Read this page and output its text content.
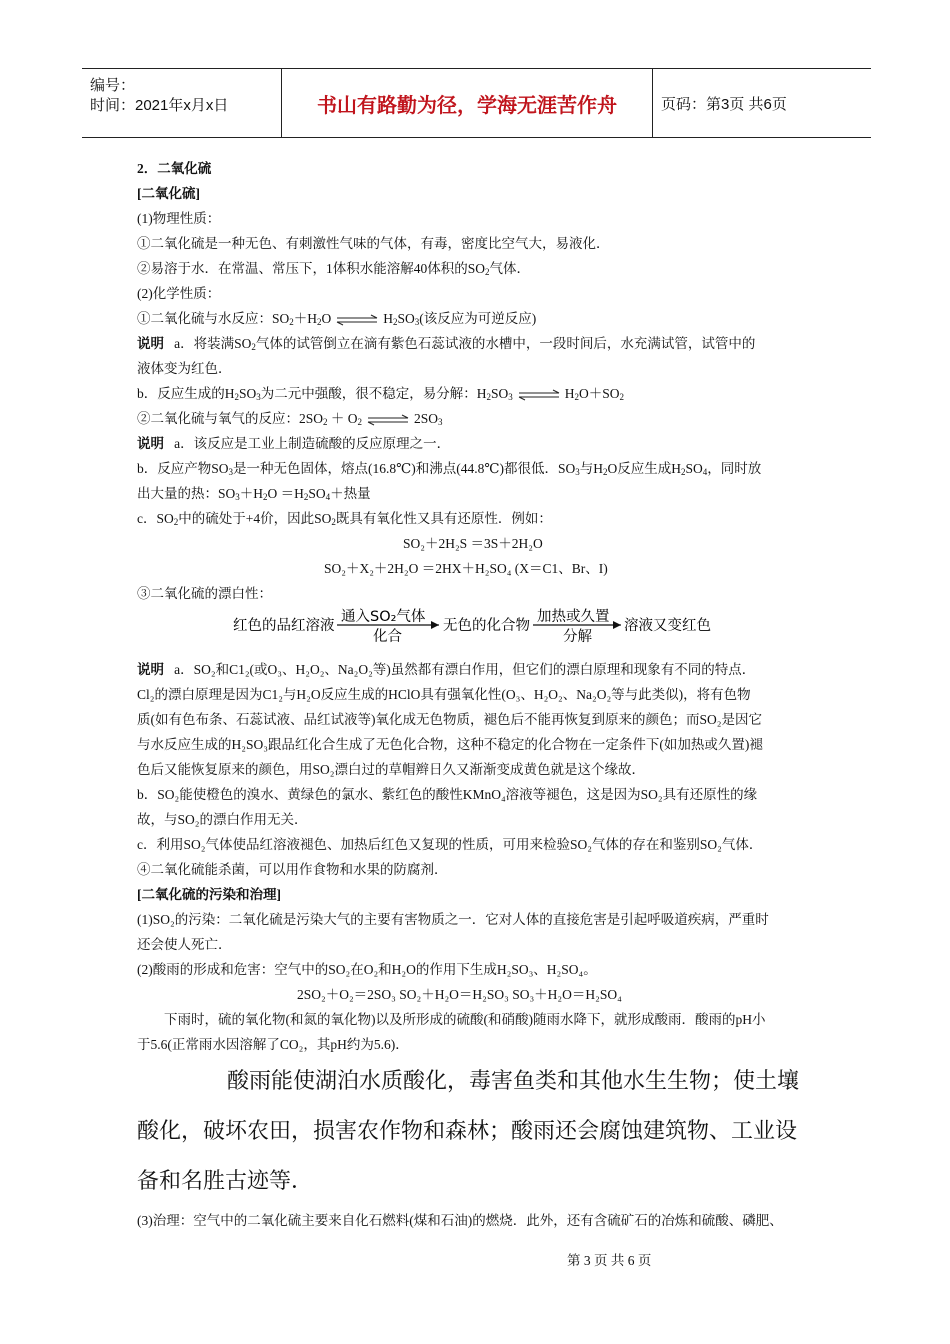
编号：
时间：2021年x月x日	书山有路勤为径，学海无涯苦作舟	页码：第3页 共6页
2．二氧化硫
[二氧化硫]
(1)物理性质：
①二氧化硫是一种无色、有刺激性气味的气体，有毒，密度比空气大，易液化．
②易溶于水．在常温、常压下，1体积水能溶解40体积的$SO_2$气体．
(2)化学性质：
①二氧化硫与水反应：$SO_2+H_2O$ ⇌ $H_2SO_3$(该反应为可逆反应)
说明 a．将装满$SO_2$气体的试管倒立在滴有紫色石蕊试液的水槽中，一段时间后，水充满试管，试管中的
液体变为红色．
b．反应生成的$H_2SO_3$为二元中强酸，很不稳定，易分解：$H_2SO_3$ ⇌ $H_2O+SO_2$
②二氧化硫与氧气的反应：$2SO_2 + O_2$ ⇌ $2SO_3$
说明 a．该反应是工业上制造硫酸的反应原理之一．
b．反应产物$SO_3$是一种无色固体，熔点(16.8℃)和沸点(44.8℃)都很低．$SO_3$与$H_2O$反应生成$H_2SO_4$，同时放
出大量的热：$SO_3+H_2O =H_2SO_4+$热量
c．$SO_2$中的硫处于+4价，因此$SO_2$既具有氧化性又具有还原性．例如：
SO₂＋2H₂S ＝3S＋2H₂O
SO₂＋X₂＋2H₂O ＝2HX＋H₂SO₄ (X＝C1、Br、I)
③二氧化硫的漂白性：
红色的品红溶液
通入SO₂气体
化合
无色的化合物
加热或久置
分解
溶液又变红色
说明 a．SO₂和C1₂(或O₃、H₂O₂、Na₂O₂等)虽然都有漂白作用，但它们的漂白原理和现象有不同的特点．
Cl₂的漂白原理是因为C1₂与H₂O反应生成的HClO具有强氧化性(O₃、H₂O₂、Na₂O₂等与此类似)，将有色物
质(如有色布条、石蕊试液、品红试液等)氧化成无色物质，褪色后不能再恢复到原来的颜色；而SO₂是因它
与水反应生成的H₂SO₃跟品红化合生成了无色化合物，这种不稳定的化合物在一定条件下(如加热或久置)褪
色后又能恢复原来的颜色，用SO₂漂白过的草帽辫日久又渐渐变成黄色就是这个缘故．
b．SO₂能使橙色的溴水、黄绿色的氯水、紫红色的酸性KMnO₄溶液等褪色，这是因为SO₂具有还原性的缘
故，与SO₂的漂白作用无关．
c．利用SO₂气体使品红溶液褪色、加热后红色又复现的性质，可用来检验SO₂气体的存在和鉴别SO₂气体．
④二氧化硫能杀菌，可以用作食物和水果的防腐剂．
[二氧化硫的污染和治理]
(1)SO₂的污染：二氧化硫是污染大气的主要有害物质之一．它对人体的直接危害是引起呼吸道疾病，严重时
还会使人死亡．
(2)酸雨的形成和危害：空气中的SO₂在O₂和H₂O的作用下生成H₂SO₃、H₂SO₄。
2SO₂＋O₂＝2SO₃ SO₂＋H₂O＝H₂SO₃ SO₃＋H₂O＝H₂SO₄
下雨时，硫的氧化物(和氮的氧化物)以及所形成的硫酸(和硝酸)随雨水降下，就形成酸雨．酸雨的pH小
于5.6(正常雨水因溶解了CO₂，其pH约为5.6)．
酸雨能使湖泊水质酸化，毒害鱼类和其他水生生物；使土壤
酸化，破坏农田，损害农作物和森林；酸雨还会腐蚀建筑物、工业设
备和名胜古迹等．
(3)治理：空气中的二氧化硫主要来自化石燃料(煤和石油)的燃烧．此外，还有含硫矿石的冶炼和硫酸、磷肥、
第 3 页 共 6 页
